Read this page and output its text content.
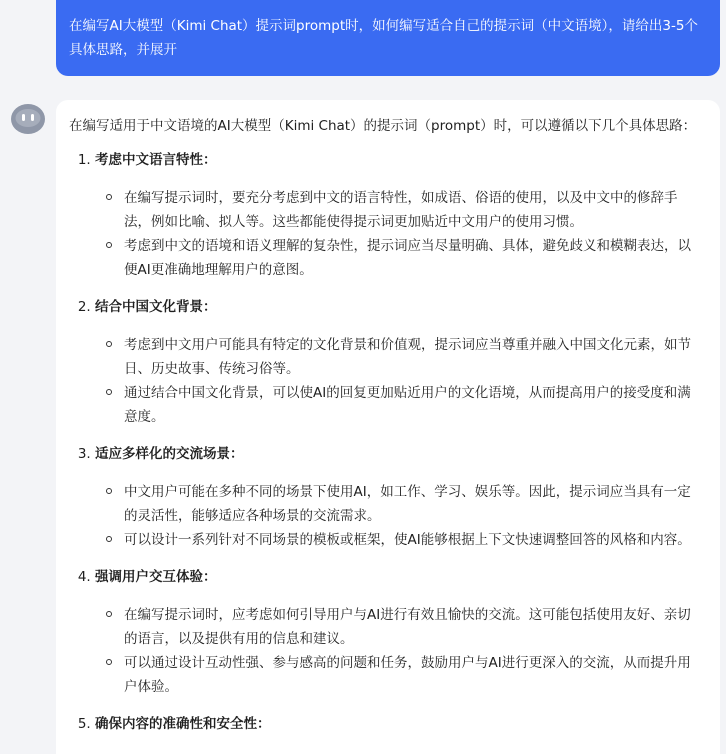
在编写AI大模型（Kimi Chat）提示词prompt时，如何编写适合自己的提示词（中文语境），请给出3-5个具体思路，并展开

在编写适用于中文语境的AI大模型（Kimi Chat）的提示词（prompt）时，可以遵循以下几个具体思路：

1. 考虑中文语言特性：
在编写提示词时，要充分考虑到中文的语言特性，如成语、俗语的使用，以及中文中的修辞手法，例如比喻、拟人等。这些都能使得提示词更加贴近中文用户的使用习惯。
考虑到中文的语境和语义理解的复杂性，提示词应当尽量明确、具体，避免歧义和模糊表达，以便AI更准确地理解用户的意图。
2. 结合中国文化背景：
考虑到中文用户可能具有特定的文化背景和价值观，提示词应当尊重并融入中国文化元素，如节日、历史故事、传统习俗等。
通过结合中国文化背景，可以使AI的回复更加贴近用户的文化语境，从而提高用户的接受度和满意度。
3. 适应多样化的交流场景：
中文用户可能在多种不同的场景下使用AI，如工作、学习、娱乐等。因此，提示词应当具有一定的灵活性，能够适应各种场景的交流需求。
可以设计一系列针对不同场景的模板或框架，使AI能够根据上下文快速调整回答的风格和内容。
4. 强调用户交互体验：
在编写提示词时，应考虑如何引导用户与AI进行有效且愉快的交流。这可能包括使用友好、亲切的语言，以及提供有用的信息和建议。
可以通过设计互动性强、参与感高的问题和任务，鼓励用户与AI进行更深入的交流，从而提升用户体验。
5. 确保内容的准确性和安全性：
